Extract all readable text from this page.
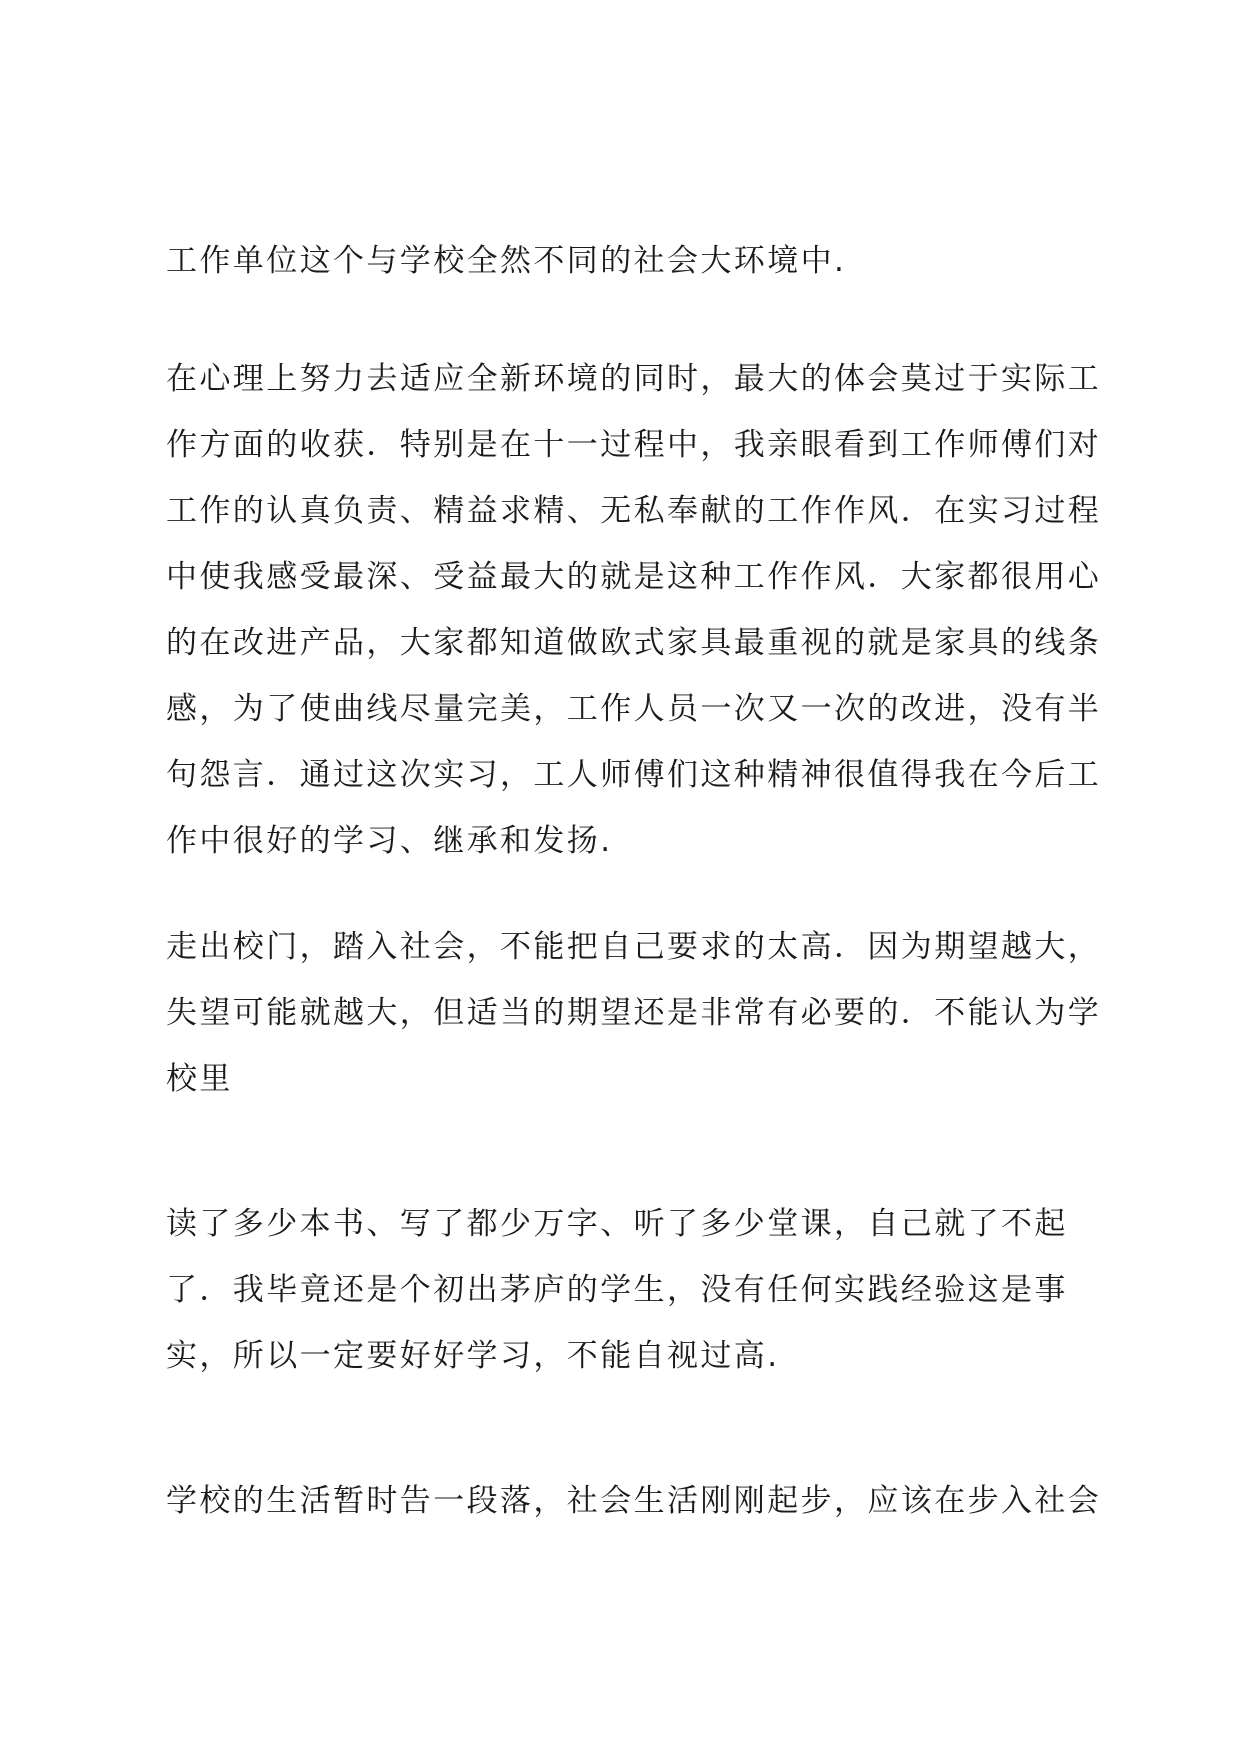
工作单位这个与学校全然不同的社会大环境中.
在心理上努力去适应全新环境的同时，最大的体会莫过于实际工
作方面的收获．特别是在十一过程中，我亲眼看到工作师傅们对
工作的认真负责、精益求精、无私奉献的工作作风．在实习过程
中使我感受最深、受益最大的就是这种工作作风．大家都很用心
的在改进产品，大家都知道做欧式家具最重视的就是家具的线条
感，为了使曲线尽量完美，工作人员一次又一次的改进，没有半
句怨言．通过这次实习，工人师傅们这种精神很值得我在今后工
作中很好的学习、继承和发扬.
走出校门，踏入社会，不能把自己要求的太高．因为期望越大，
失望可能就越大，但适当的期望还是非常有必要的．不能认为学
校里
读了多少本书、写了都少万字、听了多少堂课，自己就了不起
了．我毕竟还是个初出茅庐的学生，没有任何实践经验这是事
实，所以一定要好好学习，不能自视过高.
学校的生活暂时告一段落，社会生活刚刚起步，应该在步入社会
